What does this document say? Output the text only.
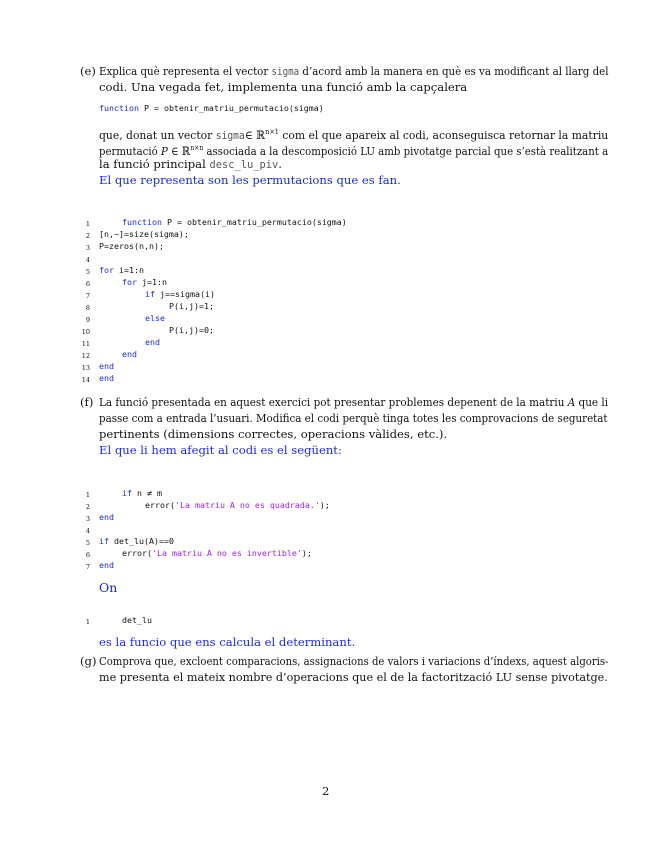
(e) Explica què representa el vector sigma d’acord amb la manera en què es va modificant al llarg del
codi. Una vegada fet, implementa una funció amb la capçalera
function P = obtenir_matriu_permutacio(sigma)
que, donat un vector sigma∈ ℝ$^{n\times 1}$ com el que apareix al codi, aconseguisca retornar la matriu
permutació P ∈ ℝ$^{n\times n}$ associada a la descomposició LU amb pivotatge parcial que s’està realitzant a
la funció principal desc_lu_piv.
El que representa son les permutacions que es fan.
1	function P = obtenir_matriu_permutacio(sigma)
2 [n,~]=size(sigma);
3 P=zeros(n,n);
4
5 for i=1:n
6	for j=1:n
7	if j==sigma(i)
8	P(i,j)=1;
9	else
10	P(i,j)=0;
11	end
12	end
13 end
14 end
(f) La funció presentada en aquest exercici pot presentar problemes depenent de la matriu A que li
passe com a entrada l’usuari. Modifica el codi perquè tinga totes les comprovacions de seguretat
pertinents (dimensions correctes, operacions vàlides, etc.).
El que li hem afegit al codi es el següent:
1	if n ≠ m
2	error('La matriu A no es quadrada.');
3 end
4
5 if det_lu(A)==0
6	error('La matriu A no es invertible');
7 end
On
1	det_lu
es la funcio que ens calcula el determinant.
(g) Comprova que, excloent comparacions, assignacions de valors i variacions d’índexs, aquest algoris-
me presenta el mateix nombre d’operacions que el de la factorització LU sense pivotatge.
2
